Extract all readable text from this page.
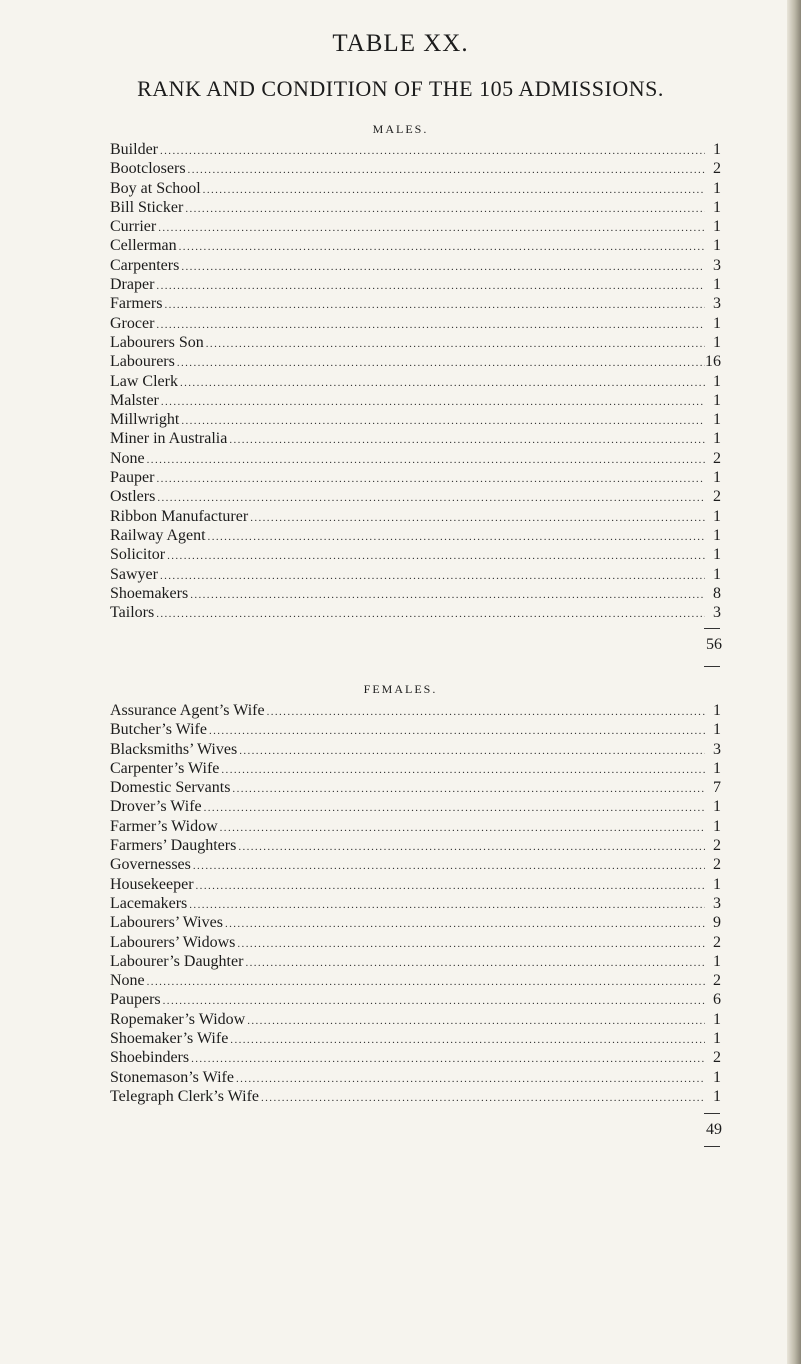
TABLE XX.
RANK AND CONDITION OF THE 105 ADMISSIONS.
MALES.
Builder .....	1
Bootclosers .....	2
Boy at School .....	1
Bill Sticker .....	1
Currier .....	1
Cellerman .....	1
Carpenters .....	3
Draper .....	1
Farmers .....	3
Grocer .....	1
Labourers Son .....	1
Labourers .....	16
Law Clerk .....	1
Malster .....	1
Millwright .....	1
Miner in Australia .....	1
None .....	2
Pauper .....	1
Ostlers .....	2
Ribbon Manufacturer .....	1
Railway Agent .....	1
Solicitor .....	1
Sawyer .....	1
Shoemakers .....	8
Tailors .....	3
56
FEMALES.
Assurance Agent’s Wife .....	1
Butcher’s Wife .....	1
Blacksmiths’ Wives .....	3
Carpenter’s Wife .....	1
Domestic Servants .....	7
Drover’s Wife .....	1
Farmer’s Widow .....	1
Farmers’ Daughters .....	2
Governesses .....	2
Housekeeper .....	1
Lacemakers .....	3
Labourers’ Wives .....	9
Labourers’ Widows .....	2
Labourer’s Daughter .....	1
None .....	2
Paupers .....	6
Ropemaker’s Widow .....	1
Shoemaker’s Wife .....	1
Shoebinders .....	2
Stonemason’s Wife .....	1
Telegraph Clerk’s Wife .....	1
49
